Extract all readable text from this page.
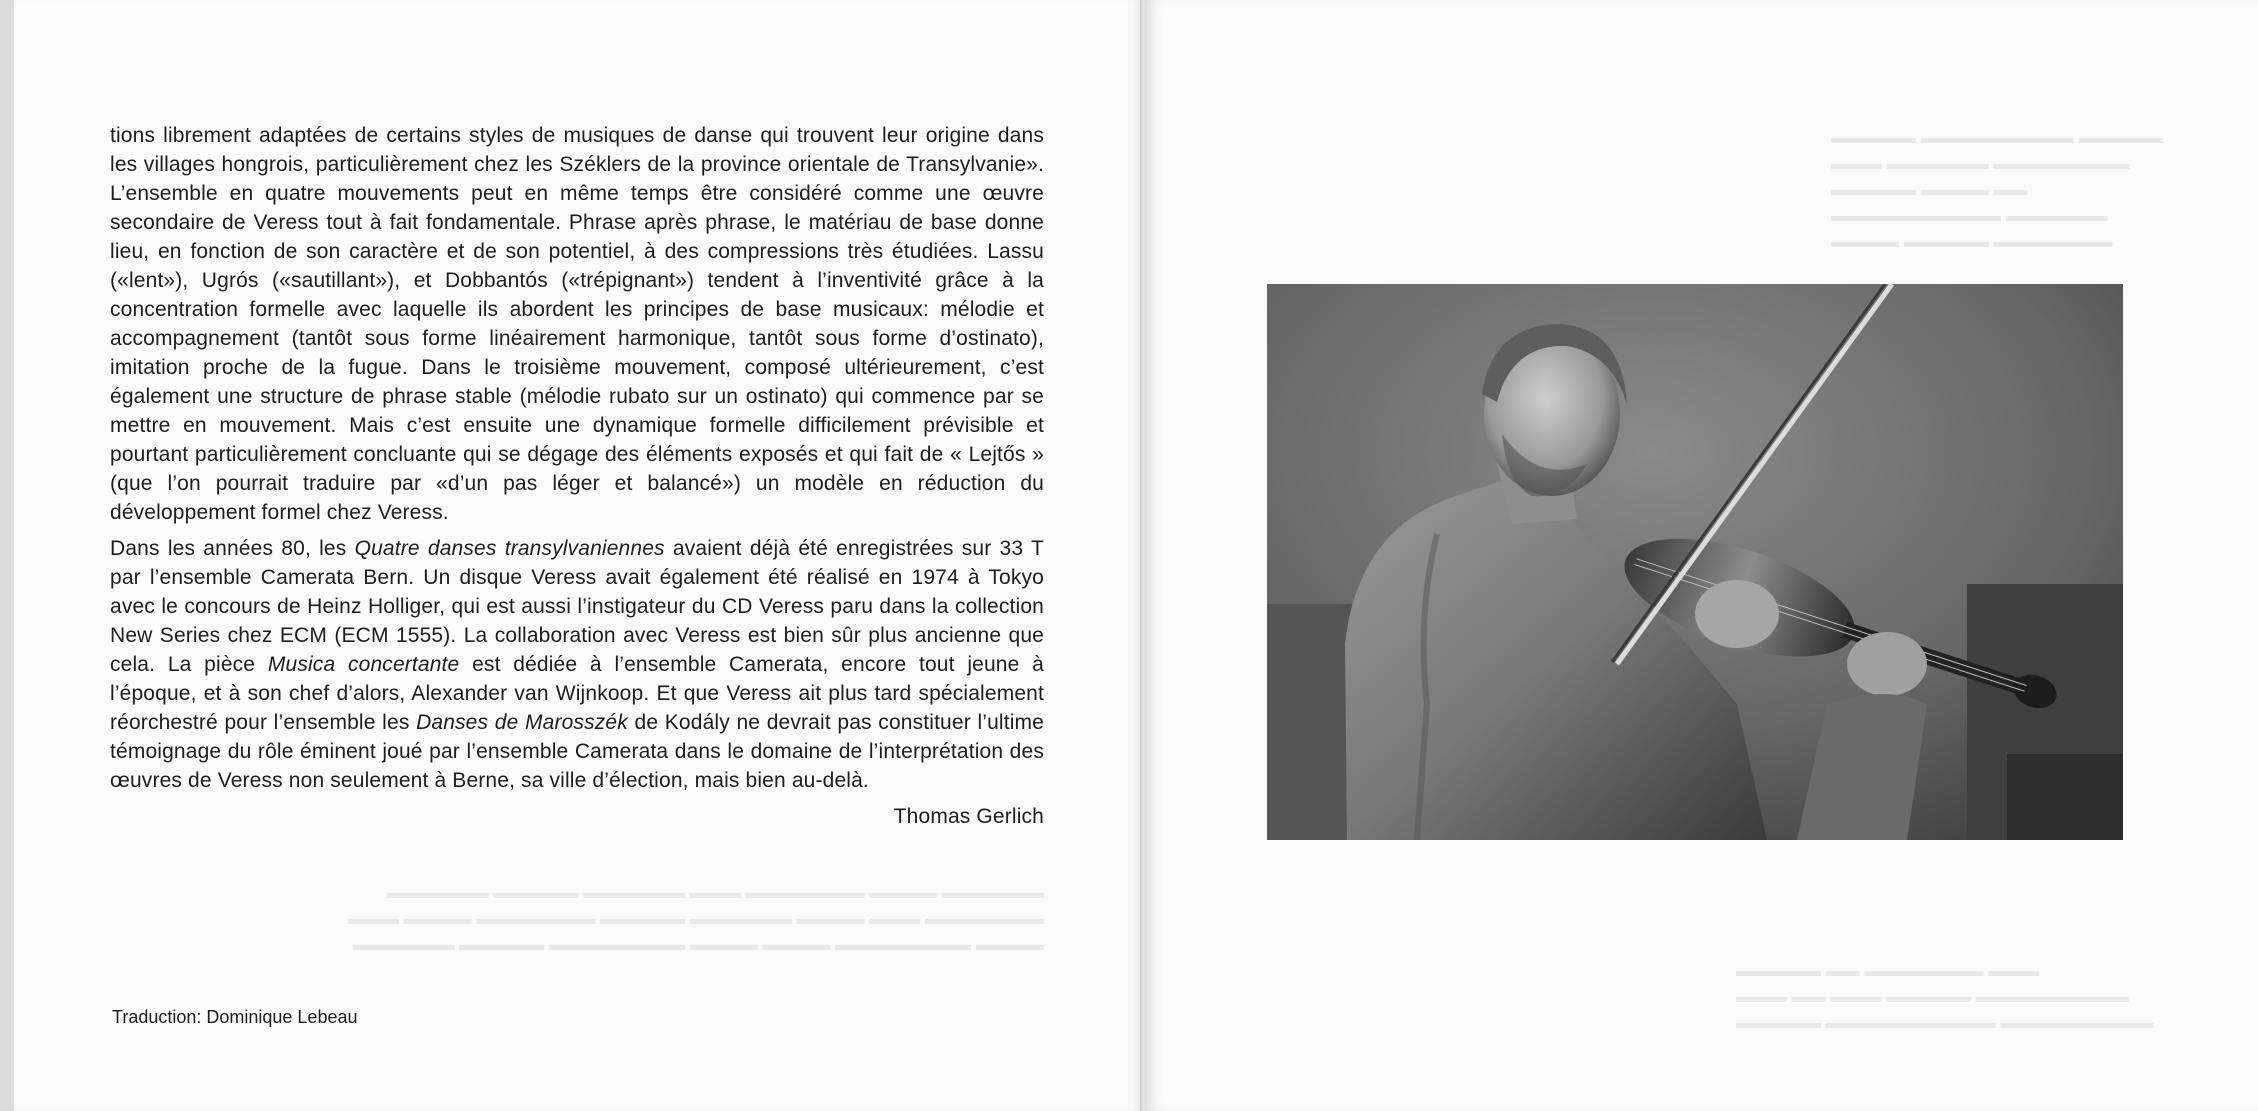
▬▬▬▬▬▬ ▬▬▬▬ ▬▬▬▬▬▬▬ ▬▬▬ ▬▬▬▬▬▬ ▬▬▬▬▬ ▬▬▬▬▬▬
▬▬▬▬▬▬▬ ▬▬▬ ▬▬▬▬ ▬▬▬▬▬▬ ▬▬▬▬▬ ▬▬▬▬▬▬▬ ▬▬▬▬ ▬▬▬
▬▬▬▬ ▬▬▬▬▬▬▬▬ ▬▬▬▬ ▬▬▬▬ ▬▬▬▬▬▬▬▬ ▬▬▬▬▬ ▬▬▬▬▬▬

tions librement adaptées de certains styles de musiques de danse qui trouvent leur origine dans les villages hongrois, particulièrement chez les Széklers de la province orientale de Transylvanie». L’ensemble en quatre mouvements peut en même temps être considéré comme une œuvre secondaire de Veress tout à fait fondamentale. Phrase après phrase, le matériau de base donne lieu, en fonction de son caractère et de son potentiel, à des compressions très étudiées. Lassu («lent»), Ugrós («sautillant»), et Dobbantós («trépignant») tendent à l’inventivité grâce à la concentration formelle avec laquelle ils abordent les principes de base musicaux: mélodie et accompagnement (tantôt sous forme linéairement harmonique, tantôt sous forme d’ostinato), imitation proche de la fugue. Dans le troisième mouvement, composé ultérieurement, c’est également une structure de phrase stable (mélodie rubato sur un ostinato) qui commence par se mettre en mouvement. Mais c’est ensuite une dynamique formelle difficilement prévisible et pourtant particulièrement concluante qui se dégage des éléments exposés et qui fait de « Lejtős » (que l’on pourrait traduire par «d’un pas léger et balancé») un modèle en réduction du développement formel chez Veress.

Dans les années 80, les Quatre danses transylvaniennes avaient déjà été enregistrées sur 33 T par l’ensemble Camerata Bern. Un disque Veress avait également été réalisé en 1974 à Tokyo avec le concours de Heinz Holliger, qui est aussi l’instigateur du CD Veress paru dans la collection New Series chez ECM (ECM 1555). La collaboration avec Veress est bien sûr plus ancienne que cela. La pièce Musica concertante est dédiée à l’ensemble Camerata, encore tout jeune à l’époque, et à son chef d’alors, Alexander van Wijnkoop. Et que Veress ait plus tard spécialement réorchestré pour l’ensemble les Danses de Marosszék de Kodály ne devrait pas constituer l’ultime témoignage du rôle éminent joué par l’ensemble Camerata dans le domaine de l’interprétation des œuvres de Veress non seulement à Berne, sa ville d’élection, mais bien au-delà.

Thomas Gerlich
Traduction: Dominique Lebeau
▬▬▬▬▬ ▬▬▬▬▬▬▬▬▬ ▬▬▬▬▬
▬▬▬▬▬▬▬▬ ▬▬▬▬▬▬ ▬▬▬
▬▬ ▬▬▬▬ ▬▬▬▬▬
▬▬▬▬▬▬ ▬▬▬▬▬▬▬▬▬▬
▬▬▬▬▬▬▬ ▬▬▬▬▬ ▬▬▬▬
▬▬▬ ▬▬▬▬▬▬▬ ▬▬ ▬▬▬▬▬
▬▬▬▬▬▬▬▬▬ ▬▬▬▬▬ ▬▬▬ ▬▬ ▬▬▬
▬▬▬▬▬▬▬▬▬ ▬▬▬▬▬▬▬▬▬▬ ▬▬▬▬▬
